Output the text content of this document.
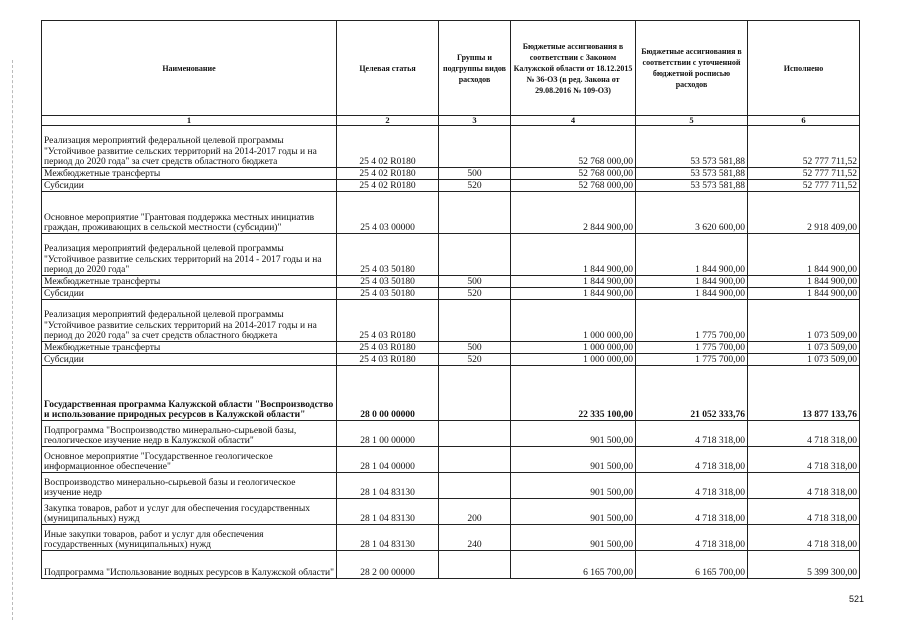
Наименование	Целевая статья	Группы и подгруппы видов расходов	Бюджетные ассигнования в соответствии с Законом Калужской области от 18.12.2015 № 36-ОЗ (в ред. Закона от 29.08.2016 № 109-ОЗ)	Бюджетные ассигнования в соответствии с уточненной бюджетной росписью расходов	Исполнено
1	2	3	4	5	6
Реализация мероприятий федеральной целевой программы "Устойчивое развитие сельских территорий на 2014-2017 годы и на период до 2020 года" за счет средств областного бюджета	25 4 02 R0180		52 768 000,00	53 573 581,88	52 777 711,52
Межбюджетные трансферты	25 4 02 R0180	500	52 768 000,00	53 573 581,88	52 777 711,52
Субсидии	25 4 02 R0180	520	52 768 000,00	53 573 581,88	52 777 711,52
Основное мероприятие "Грантовая поддержка местных инициатив граждан, проживающих в сельской местности (субсидии)"	25 4 03 00000		2 844 900,00	3 620 600,00	2 918 409,00
Реализация мероприятий федеральной целевой программы "Устойчивое развитие сельских территорий на 2014 - 2017 годы и на период до 2020 года"	25 4 03 50180		1 844 900,00	1 844 900,00	1 844 900,00
Межбюджетные трансферты	25 4 03 50180	500	1 844 900,00	1 844 900,00	1 844 900,00
Субсидии	25 4 03 50180	520	1 844 900,00	1 844 900,00	1 844 900,00
Реализация мероприятий федеральной целевой программы "Устойчивое развитие сельских территорий на 2014-2017 годы и на период до 2020 года" за счет средств областного бюджета	25 4 03 R0180		1 000 000,00	1 775 700,00	1 073 509,00
Межбюджетные трансферты	25 4 03 R0180	500	1 000 000,00	1 775 700,00	1 073 509,00
Субсидии	25 4 03 R0180	520	1 000 000,00	1 775 700,00	1 073 509,00
Государственная программа Калужской области "Воспроизводство и использование природных ресурсов в Калужской области"	28 0 00 00000		22 335 100,00	21 052 333,76	13 877 133,76
Подпрограмма "Воспроизводство минерально-сырьевой базы, геологическое изучение недр в Калужской области"	28 1 00 00000		901 500,00	4 718 318,00	4 718 318,00
Основное мероприятие "Государственное геологическое информационное обеспечение"	28 1 04 00000		901 500,00	4 718 318,00	4 718 318,00
Воспроизводство минерально-сырьевой базы и геологическое изучение недр	28 1 04 83130		901 500,00	4 718 318,00	4 718 318,00
Закупка товаров, работ и услуг для обеспечения государственных (муниципальных) нужд	28 1 04 83130	200	901 500,00	4 718 318,00	4 718 318,00
Иные закупки товаров, работ и услуг для обеспечения государственных (муниципальных) нужд	28 1 04 83130	240	901 500,00	4 718 318,00	4 718 318,00
Подпрограмма "Использование водных ресурсов в Калужской области"	28 2 00 00000		6 165 700,00	6 165 700,00	5 399 300,00
521
